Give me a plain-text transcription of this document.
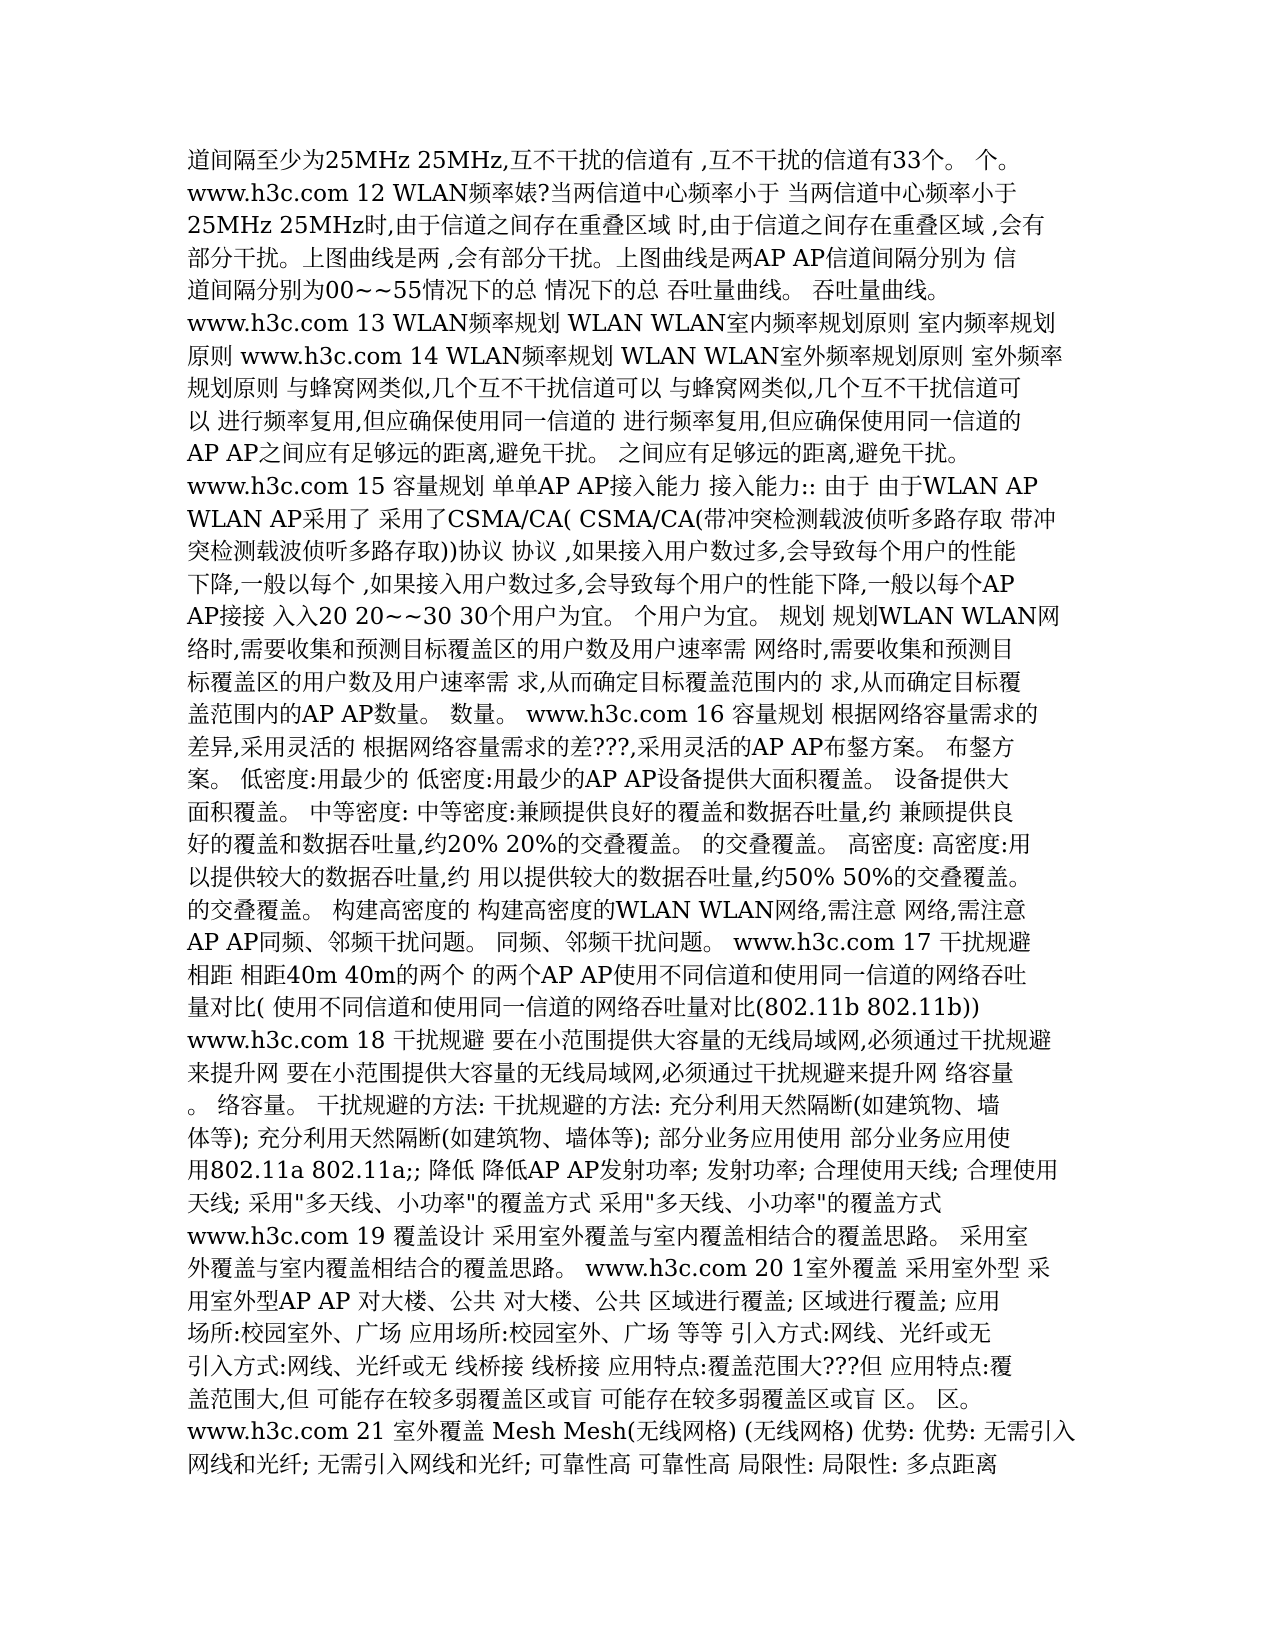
道间隔至少为25MHz 25MHz,互不干扰的信道有 ,互不干扰的信道有33个。 个。
www.h3c.com 12 WLAN频率婊?当两信道中心频率小于 当两信道中心频率小于
25MHz 25MHz时,由于信道之间存在重叠区域 时,由于信道之间存在重叠区域 ,会有
部分干扰。上图曲线是两 ,会有部分干扰。上图曲线是两AP AP信道间隔分别为 信
道间隔分别为00~~55情况下的总 情况下的总 吞吐量曲线。 吞吐量曲线。
www.h3c.com 13 WLAN频率规划 WLAN WLAN室内频率规划原则 室内频率规划
原则 www.h3c.com 14 WLAN频率规划 WLAN WLAN室外频率规划原则 室外频率
规划原则 与蜂窝网类似,几个互不干扰信道可以 与蜂窝网类似,几个互不干扰信道可
以 进行频率复用,但应确保使用同一信道的 进行频率复用,但应确保使用同一信道的
AP AP之间应有足够远的距离,避免干扰。 之间应有足够远的距离,避免干扰。
www.h3c.com 15 容量规划 单单AP AP接入能力 接入能力:: 由于 由于WLAN AP
WLAN AP采用了 采用了CSMA/CA( CSMA/CA(带冲突检测载波侦听多路存取 带冲
突检测载波侦听多路存取))协议 协议 ,如果接入用户数过多,会导致每个用户的性能
下降,一般以每个 ,如果接入用户数过多,会导致每个用户的性能下降,一般以每个AP
AP接接 入入20 20~~30 30个用户为宜。 个用户为宜。 规划 规划WLAN WLAN网
络时,需要收集和预测目标覆盖区的用户数及用户速率需 网络时,需要收集和预测目
标覆盖区的用户数及用户速率需 求,从而确定目标覆盖范围内的 求,从而确定目标覆
盖范围内的AP AP数量。 数量。 www.h3c.com 16 容量规划 根据网络容量需求的
差异,采用灵活的 根据网络容量需求的差???,采用灵活的AP AP布錖方案。 布錖方
案。 低密度:用最少的 低密度:用最少的AP AP设备提供大面积覆盖。 设备提供大
面积覆盖。 中等密度: 中等密度:兼顾提供良好的覆盖和数据吞吐量,约 兼顾提供良
好的覆盖和数据吞吐量,约20% 20%的交叠覆盖。 的交叠覆盖。 高密度: 高密度:用
以提供较大的数据吞吐量,约 用以提供较大的数据吞吐量,约50% 50%的交叠覆盖。
的交叠覆盖。 构建高密度的 构建高密度的WLAN WLAN网络,需注意 网络,需注意
AP AP同频、邻频干扰问题。 同频、邻频干扰问题。 www.h3c.com 17 干扰规避
相距 相距40m 40m的两个 的两个AP AP使用不同信道和使用同一信道的网络吞吐
量对比( 使用不同信道和使用同一信道的网络吞吐量对比(802.11b 802.11b))
www.h3c.com 18 干扰规避 要在小范围提供大容量的无线局域网,必须通过干扰规避
来提升网 要在小范围提供大容量的无线局域网,必须通过干扰规避来提升网 络容量
。 络容量。 干扰规避的方法: 干扰规避的方法: 充分利用天然隔断(如建筑物、墙
体等); 充分利用天然隔断(如建筑物、墙体等); 部分业务应用使用 部分业务应用使
用802.11a 802.11a;; 降低 降低AP AP发射功率; 发射功率; 合理使用天线; 合理使用
天线; 采用"多天线、小功率"的覆盖方式 采用"多天线、小功率"的覆盖方式
www.h3c.com 19 覆盖设计 采用室外覆盖与室内覆盖相结合的覆盖思路。 采用室
外覆盖与室内覆盖相结合的覆盖思路。 www.h3c.com 20 1室外覆盖 采用室外型 采
用室外型AP AP 对大楼、公共 对大楼、公共 区域进行覆盖; 区域进行覆盖; 应用
场所:校园室外、广场 应用场所:校园室外、广场 等等 引入方式:网线、光纤或无
引入方式:网线、光纤或无 线桥接 线桥接 应用特点:覆盖范围大???但 应用特点:覆
盖范围大,但 可能存在较多弱覆盖区或盲 可能存在较多弱覆盖区或盲 区。 区。
www.h3c.com 21 室外覆盖 Mesh Mesh(无线网格) (无线网格) 优势: 优势: 无需引入
网线和光纤; 无需引入网线和光纤; 可靠性高 可靠性高 局限性: 局限性: 多点距离
